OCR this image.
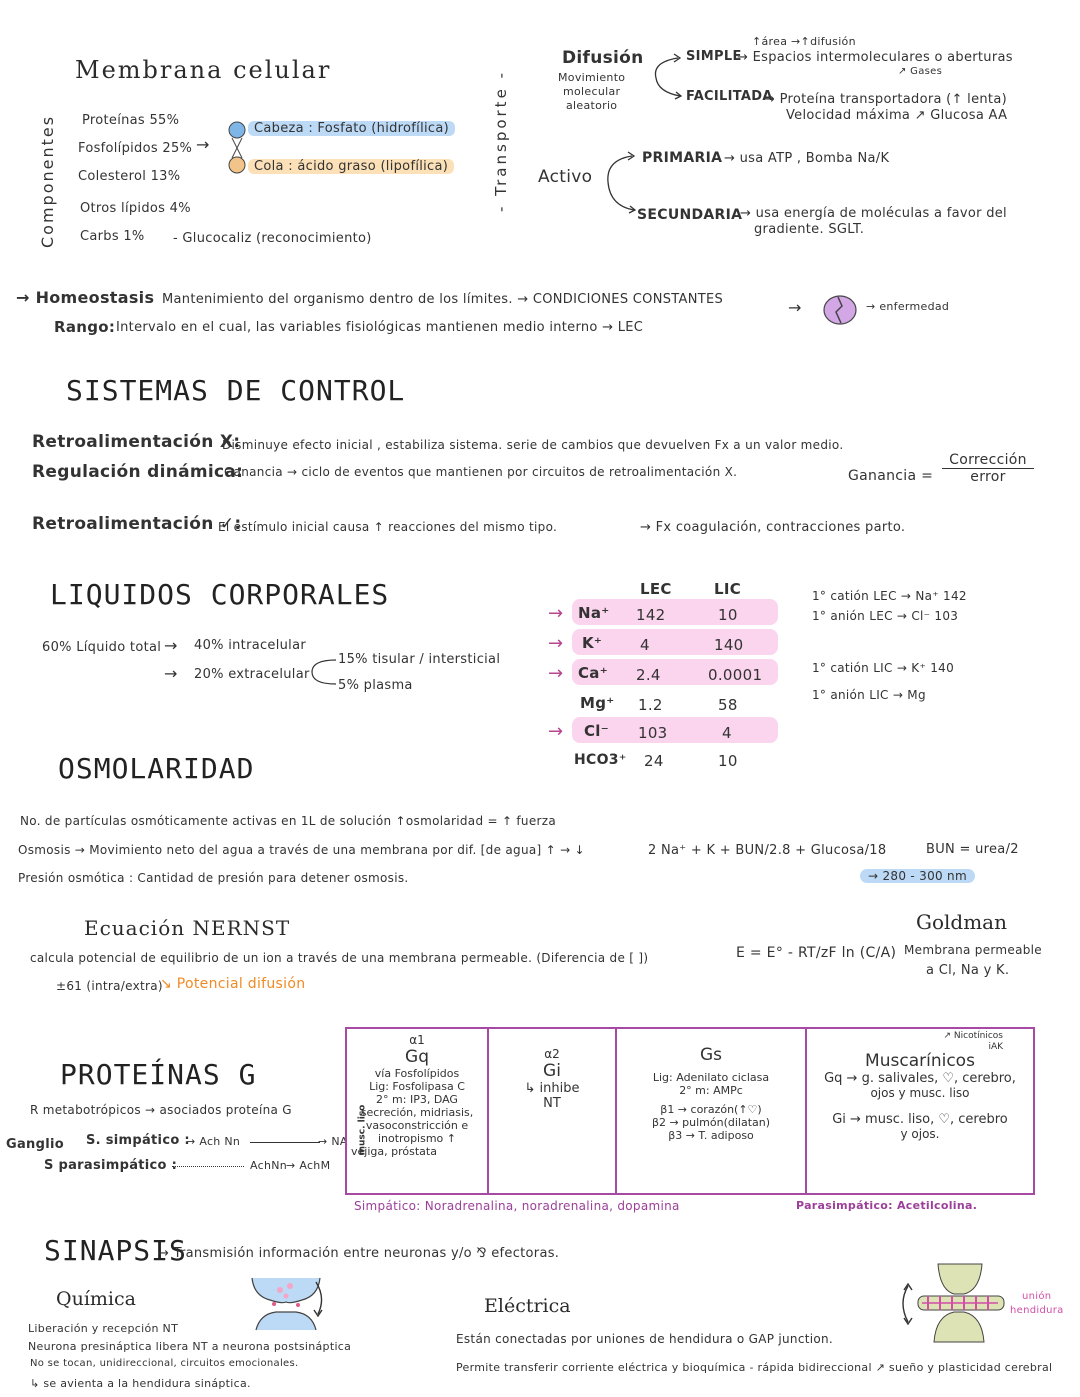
Membrana celular
Componentes Proteínas 55%
Fosfolípidos 25%
Colesterol 13%
Otros lípidos 4%
Carbs 1% - Glucocaliz (reconocimiento)
→
Cabeza : Fosfato (hidrofílica)
Cola : ácido graso (lipofílica)	- Transporte -
Difusión
Movimiento
molecular
aleatorio
↑área →↑difusión
SIMPLE
→ Espacios intermoleculares o aberturas
↗ Gases
FACILITADA
→ Proteína transportadora (↑ lenta)
Velocidad máxima ↗ Glucosa AA
Activo
PRIMARIA → usa ATP , Bomba Na/K
SECUNDARIA
→ usa energía de moléculas a favor del
gradiente. SGLT.
→ Homeostasis Mantenimiento del organismo dentro de los límites. → CONDICIONES CONSTANTES	→	→ enfermedad
Rango: Intervalo en el cual, las variables fisiológicas mantienen medio interno → LEC
SISTEMAS DE CONTROL
Retroalimentación X:
Disminuye efecto inicial , estabiliza sistema. serie de cambios que devuelven Fx a un valor medio.
Regulación dinámica:
Ganancia → ciclo de eventos que mantienen por circuitos de retroalimentación X.	Ganancia =
Corrección
error
Retroalimentación ✓:
El estímulo inicial causa ↑ reacciones del mismo tipo.	→ Fx coagulación, contracciones parto.
LIQUIDOS CORPORALES
60% Líquido total → 40% intracelular
→ 20% extracelular
15% tisular / intersticial
5% plasma
LEC	LIC
→
→
→
→
Na⁺ 142	10
K⁺	4	140
Ca⁺ 2.4	0.0001
Mg⁺ 1.2	58
Cl⁻ 103	4
HCO3⁺ 24	10
1° catión LEC → Na⁺ 142
1° anión LEC → Cl⁻ 103
1° catión LIC → K⁺ 140
1° anión LIC → Mg
OSMOLARIDAD
No. de partículas osmóticamente activas en 1L de solución ↑osmolaridad = ↑ fuerza
Osmosis → Movimiento neto del agua a través de una membrana por dif. [de agua] ↑ → ↓
Presión osmótica : Cantidad de presión para detener osmosis.
2 Na⁺ + K + BUN/2.8 + Glucosa/18	BUN = urea/2
→ 280 - 300 nm
Ecuación NERNST
calcula potencial de equilibrio de un ion a través de una membrana permeable. (Diferencia de [ ])	E = E° - RT/zF ln (C/A)
±61 (intra/extra)
↘ Potencial difusión
Goldman
Membrana permeable
a Cl, Na y K.
PROTEÍNAS G
R metabotrópicos → asociados proteína G
Ganglio S. simpático :
→ Ach Nn	→ NA
S parasimpático :	AchNn
→ AchM
α1
Gq
vía Fosfolípidos
Lig: Fosfolipasa C
2° m: IP3, DAG
secreción, midriasis,
vasoconstricción e
inotropismo ↑
vejiga, próstata
musc. liso

α2
Gi
↳ inhibe
NT

Gs
Lig: Adenilato ciclasa
2° m: AMPc
β1 → corazón(↑♡)
β2 → pulmón(dilatan)
β3 → T. adiposo

↗ Nicotínicos
iAK
Muscarínicos
Gq → g. salivales, ♡, cerebro,
ojos y musc. liso
Gi → musc. liso, ♡, cerebro
y ojos.
Simpático: Noradrenalina, noradrenalina, dopamina	Parasimpático: Acetilcolina.
SINAPSIS
→ Transmisión información entre neuronas y/o ⅋ efectoras.
Química
Liberación y recepción NT
Neurona presináptica libera NT a neurona postsináptica
No se tocan, unidireccional, circuitos emocionales.
↳ se avienta a la hendidura sináptica.
Eléctrica
Están conectadas por uniones de hendidura o GAP junction.
Permite transferir corriente eléctrica y bioquímica - rápida bidireccional ↗ sueño y plasticidad cerebral
unión
hendidura
